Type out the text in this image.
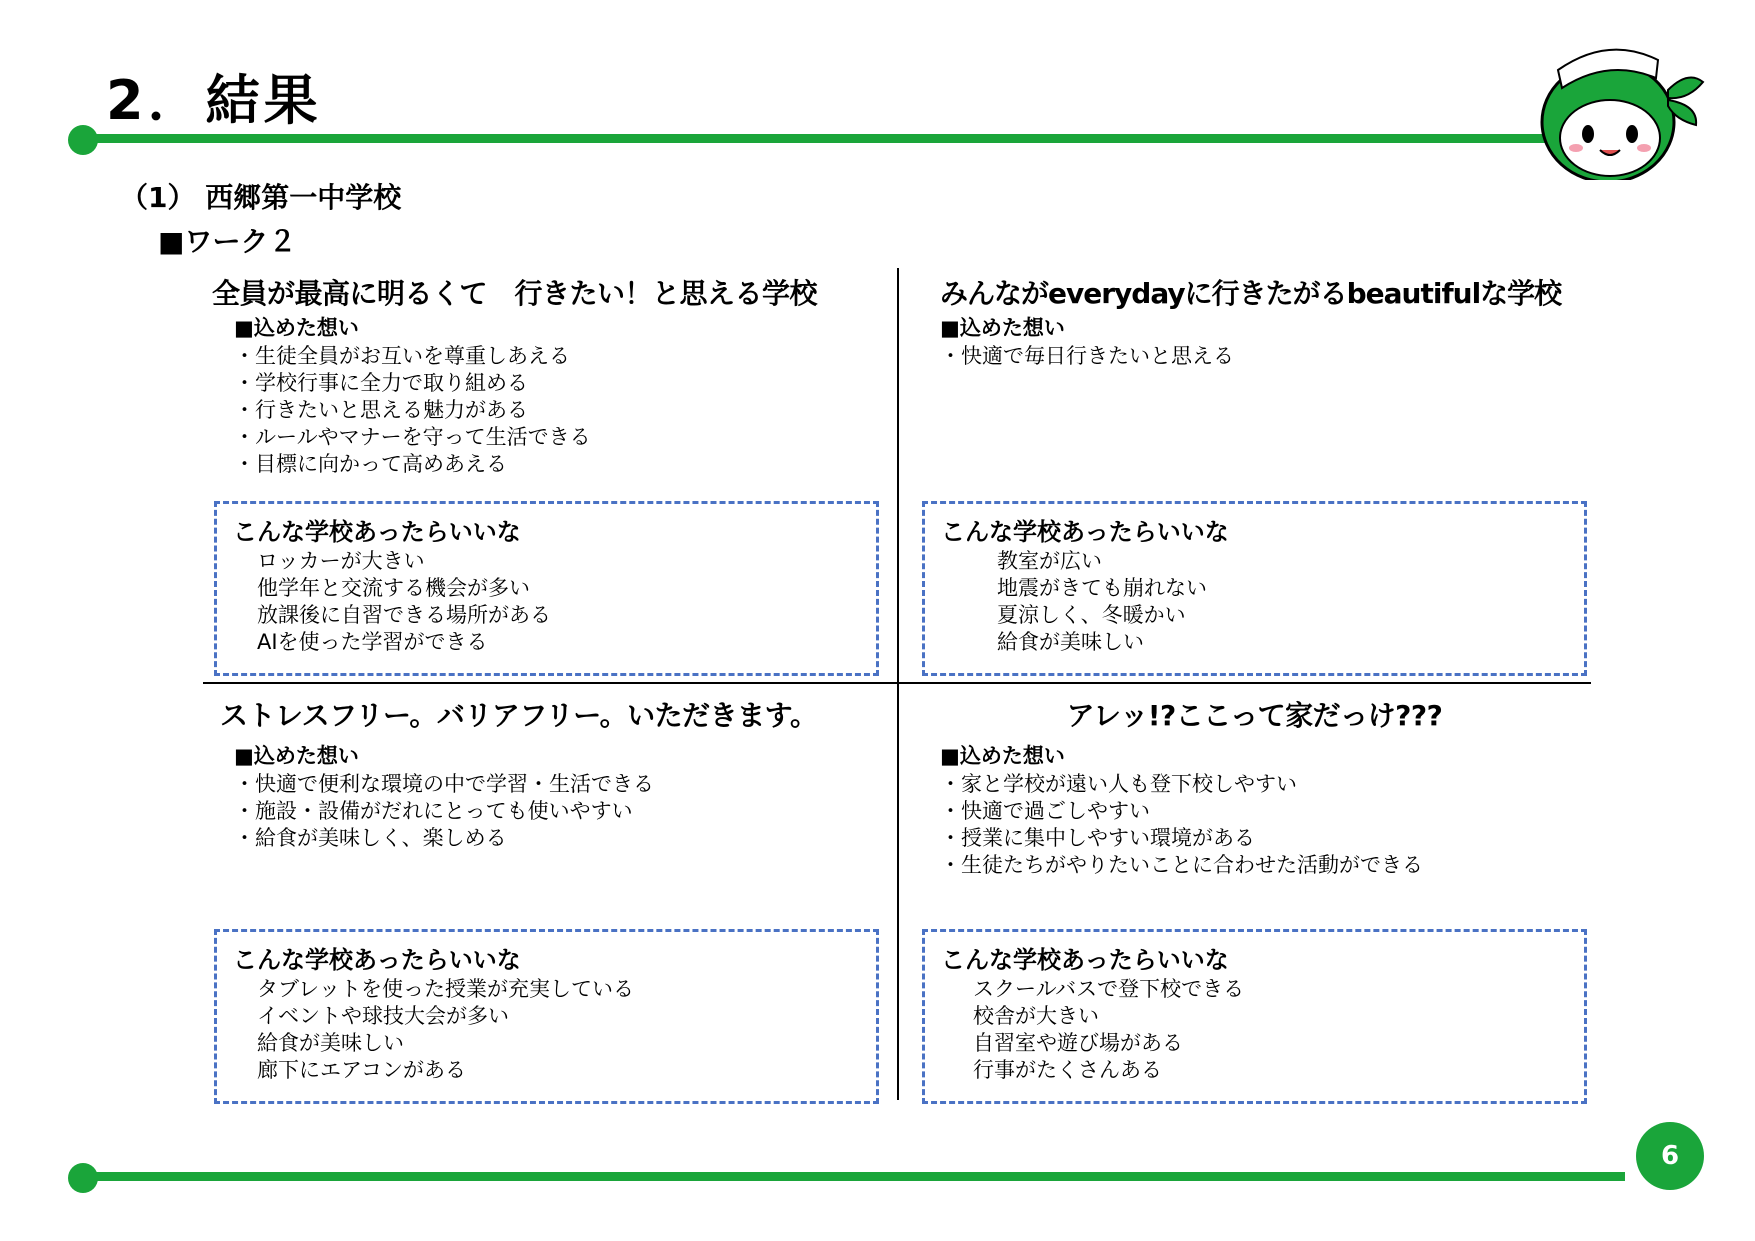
2．結果
（1） 西郷第一中学校
■ワーク２
全員が最高に明るくて　行きたい！と思える学校
■込めた想い
・生徒全員がお互いを尊重しあえる
・学校行事に全力で取り組める
・行きたいと思える魅力がある
・ルールやマナーを守って生活できる
・目標に向かって高めあえる
こんな学校あったらいいな
ロッカーが大きい
他学年と交流する機会が多い
放課後に自習できる場所がある
AIを使った学習ができる
みんながeverydayに行きたがるbeautifulな学校
■込めた想い
・快適で毎日行きたいと思える
こんな学校あったらいいな
教室が広い
地震がきても崩れない
夏涼しく、冬暖かい
給食が美味しい
ストレスフリー。バリアフリー。いただきます。
■込めた想い
・快適で便利な環境の中で学習・生活できる
・施設・設備がだれにとっても使いやすい
・給食が美味しく、楽しめる
こんな学校あったらいいな
タブレットを使った授業が充実している
イベントや球技大会が多い
給食が美味しい
廊下にエアコンがある
アレッ!?ここって家だっけ???
■込めた想い
・家と学校が遠い人も登下校しやすい
・快適で過ごしやすい
・授業に集中しやすい環境がある
・生徒たちがやりたいことに合わせた活動ができる
こんな学校あったらいいな
スクールバスで登下校できる
校舎が大きい
自習室や遊び場がある
行事がたくさんある
6
